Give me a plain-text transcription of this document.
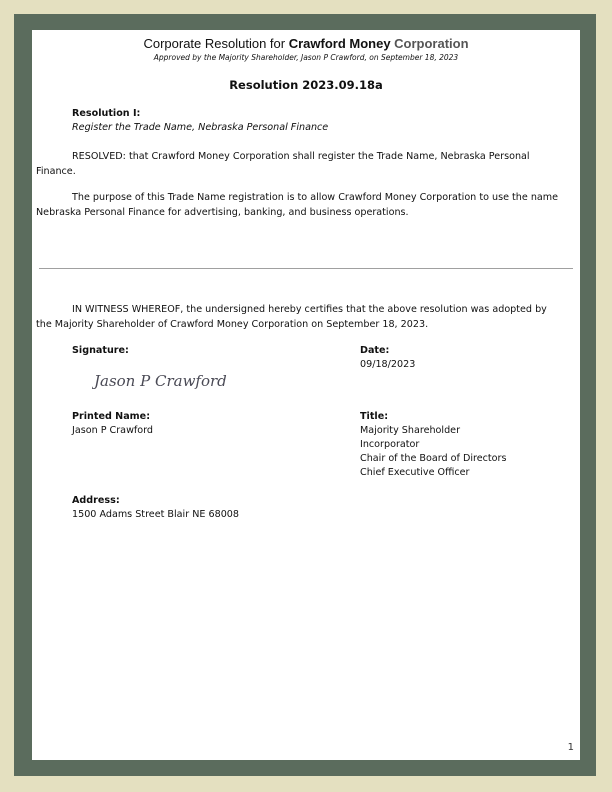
Corporate Resolution for Crawford Money Corporation
Approved by the Majority Shareholder, Jason P Crawford, on September 18, 2023
Resolution 2023.09.18a
Resolution I:
Register the Trade Name, Nebraska Personal Finance
RESOLVED: that Crawford Money Corporation shall register the Trade Name, Nebraska Personal Finance.
The purpose of this Trade Name registration is to allow Crawford Money Corporation to use the name Nebraska Personal Finance for advertising, banking, and business operations.
IN WITNESS WHEREOF, the undersigned hereby certifies that the above resolution was adopted by the Majority Shareholder of Crawford Money Corporation on September 18, 2023.
Signature:
Jason P Crawford
Date:
09/18/2023
Printed Name:
Jason P Crawford
Title:
Majority Shareholder
Incorporator
Chair of the Board of Directors
Chief Executive Officer
Address:
1500 Adams Street Blair NE 68008
1
